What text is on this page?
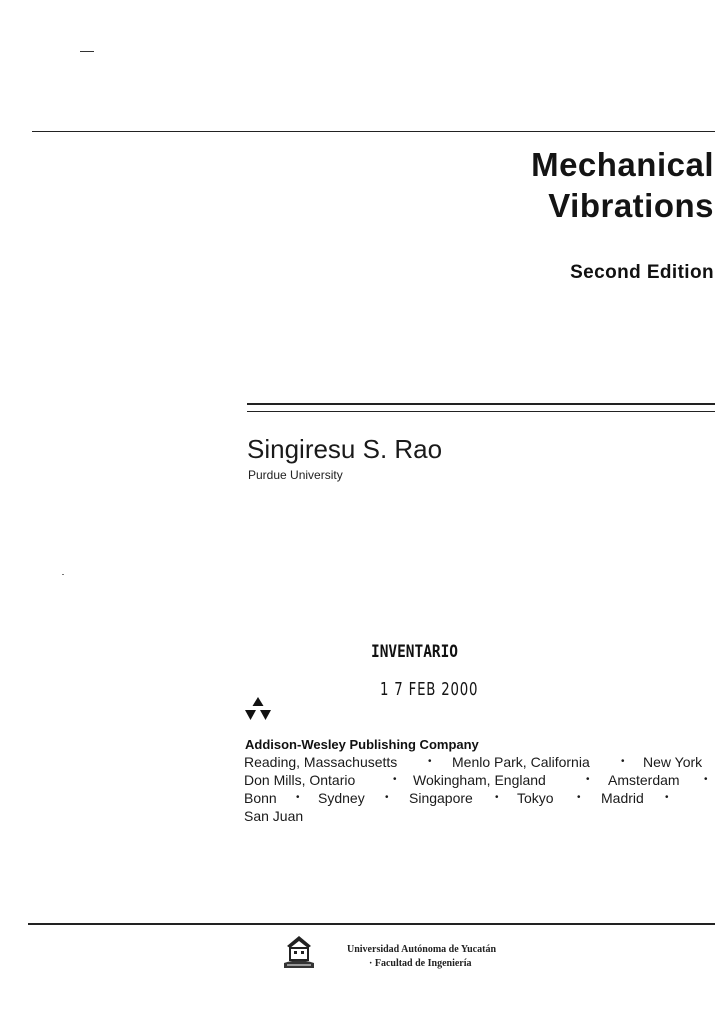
Mechanical
Vibrations
Second Edition
Singiresu S. Rao
Purdue University
INVENTARIO
1 7 FEB 2000
Addison-Wesley Publishing Company
Reading, Massachusetts	• Menlo Park, California	• New York
Don Mills, Ontario	• Wokingham, England	• Amsterdam •
Bonn • Sydney • Singapore • Tokyo • Madrid •
San Juan
Universidad Autónoma de Yucatán
· Facultad de Ingeniería
